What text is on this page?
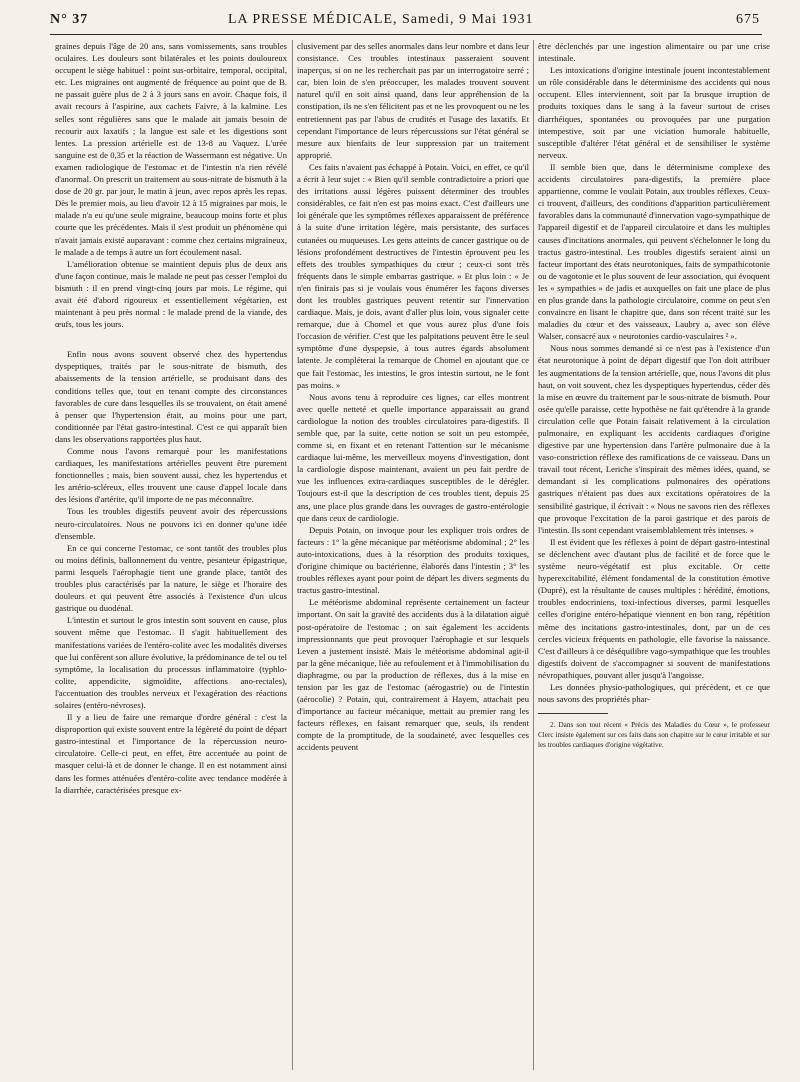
N° 37	LA PRESSE MÉDICALE, Samedi, 9 Mai 1931	675

graines depuis l'âge de 20 ans, sans vomissements, sans troubles oculaires. Les douleurs sont bilatérales et les points douloureux occupent le siège habituel : point sus-orbitaire, temporal, occipital, etc. Les migraines ont augmenté de fréquence au point que de B. ne passait guère plus de 2 à 3 jours sans en avoir. Chaque fois, il avait recours à l'aspirine, aux cachets Faivre, à la kalmine. Les selles sont régulières sans que le malade ait jamais besoin de recourir aux laxatifs ; la langue est sale et les digestions sont lentes. La pression artérielle est de 13-8 au Vaquez. L'urée sanguine est de 0,35 et la réaction de Wassermann est négative. Un examen radiologique de l'estomac et de l'intestin n'a rien révélé d'anormal. On prescrit un traitement au sous-nitrate de bismuth à la dose de 20 gr. par jour, le matin à jeun, avec repos après les repas. Dès le premier mois, au lieu d'avoir 12 à 15 migraines par mois, le malade n'a eu qu'une seule migraine, beaucoup moins forte et plus courte que les précédentes. Mais il s'est produit un phénomène qui n'avait jamais existé auparavant : comme chez certains migraineux, le malade a de temps à autre un fort écoulement nasal.

L'amélioration obtenue se maintient depuis plus de deux ans d'une façon continue, mais le malade ne peut pas cesser l'emploi du bismuth : il en prend vingt-cinq jours par mois. Le régime, qui avait été d'abord rigoureux et essentiellement végétarien, est maintenant à peu près normal : le malade prend de la viande, des œufs, tous les jours.

Enfin nous avons souvent observé chez des hypertendus dyspeptiques, traités par le sous-nitrate de bismuth, des abaissements de la tension artérielle, se produisant dans des conditions telles que, tout en tenant compte des circonstances favorables de cure dans lesquelles ils se trouvaient, on était amené à penser que l'hypertension était, au moins pour une part, conditionnée par l'état gastro-intestinal. C'est ce qui apparaît bien dans les observations rapportées plus haut.

Comme nous l'avons remarqué pour les manifestations cardiaques, les manifestations artérielles peuvent être purement fonctionnelles ; mais, bien souvent aussi, chez les hypertendus et les artério-scléreux, elles trouvent une cause d'appel locale dans des lésions d'artérite, qu'il importe de ne pas méconnaître.

Tous les troubles digestifs peuvent avoir des répercussions neuro-circulatoires. Nous ne pouvons ici en donner qu'une idée d'ensemble.

En ce qui concerne l'estomac, ce sont tantôt des troubles plus ou moins définis, ballonnement du ventre, pesanteur épigastrique, parmi lesquels l'aérophagie tient une grande place, tantôt des troubles plus caractérisés par la nature, le siège et l'horaire des douleurs et qui peuvent être associés à l'existence d'un ulcus gastrique ou duodénal.

L'intestin et surtout le gros intestin sont souvent en cause, plus souvent même que l'estomac. Il s'agit habituellement des manifestations variées de l'entéro-colite avec les modalités diverses que lui confèrent son allure évolutive, la prédominance de tel ou tel symptôme, la localisation du processus inflammatoire (typhlo-colite, appendicite, sigmoïdite, affections ano-rectales), l'accentuation des troubles nerveux et l'exagération des réactions solaires (entéro-névroses).

Il y a lieu de faire une remarque d'ordre général : c'est la disproportion qui existe souvent entre la légèreté du point de départ gastro-intestinal et l'importance de la répercussion neuro-circulatoire. Celle-ci peut, en effet, être accentuée au point de masquer celui-là et de donner le change. Il en est notamment ainsi dans les formes atténuées d'entéro-colite avec tendance modérée à la diarrhée, caractérisées presque ex-

clusivement par des selles anormales dans leur nombre et dans leur consistance. Ces troubles intestinaux passeraient souvent inaperçus, si on ne les recherchait pas par un interrogatoire serré ; car, bien loin de s'en préoccuper, les malades trouvent souvent naturel qu'il en soit ainsi quand, dans leur appréhension de la constipation, ils ne s'en félicitent pas et ne les provoquent ou ne les entretiennent pas par l'abus de crudités et l'usage des laxatifs. Et cependant l'importance de leurs répercussions sur l'état général se mesure aux bienfaits de leur suppression par un traitement approprié.

Ces faits n'avaient pas échappé à Potain. Voici, en effet, ce qu'il a écrit à leur sujet : « Bien qu'il semble contradictoire a priori que des irritations aussi légères puissent déterminer des troubles considérables, ce fait n'en est pas moins exact. C'est d'ailleurs une loi générale que les symptômes réflexes apparaissent de préférence à la suite d'une irritation légère, mais persistante, des surfaces cutanées ou muqueuses. Les gens atteints de cancer gastrique ou de lésions profondément destructives de l'intestin éprouvent peu les effets des troubles sympathiques du cœur ; ceux-ci sont très fréquents dans le simple embarras gastrique. » Et plus loin : « Je n'en finirais pas si je voulais vous énumérer les façons diverses dont les troubles gastriques peuvent retentir sur l'innervation cardiaque. Mais, je dois, avant d'aller plus loin, vous signaler cette remarque, due à Chomel et que vous aurez plus d'une fois l'occasion de vérifier. C'est que les palpitations peuvent être le seul symptôme d'une dyspepsie, à tous autres égards absolument latente. Je compléterai la remarque de Chomel en ajoutant que ce que fait l'estomac, les intestins, le gros intestin surtout, ne le font pas moins. »

Nous avons tenu à reproduire ces lignes, car elles montrent avec quelle netteté et quelle importance apparaissait au grand cardiologue la notion des troubles circulatoires para-digestifs. Il semble que, par la suite, cette notion se soit un peu estompée, comme si, en fixant et en retenant l'attention sur le mécanisme cardiaque lui-même, les merveilleux moyens d'investigation, dont la cardiologie dispose maintenant, avaient un peu fait perdre de vue les influences extra-cardiaques susceptibles de le dérégler. Toujours est-il que la description de ces troubles tient, depuis 25 ans, une place plus grande dans les ouvrages de gastro-entérologie que dans ceux de cardiologie.

Depuis Potain, on invoque pour les expliquer trois ordres de facteurs : 1° la gêne mécanique par météorisme abdominal ; 2° les auto-intoxications, dues à la résorption des produits toxiques, d'origine chimique ou bactérienne, élaborés dans l'intestin ; 3° les troubles réflexes ayant pour point de départ les divers segments du tractus gastro-intestinal.

Le météorisme abdominal représente certainement un facteur important. On sait la gravité des accidents dus à la dilatation aiguë post-opératoire de l'estomac ; on sait également les accidents impressionnants que peut provoquer l'aérophagie et sur lesquels Leven a justement insisté. Mais le météorisme abdominal agit-il par la gêne mécanique, liée au refoulement et à l'immobilisation du diaphragme, ou par la production de réflexes, dus à la mise en tension par les gaz de l'estomac (aérogastrie) ou de l'intestin (aérocolie) ? Potain, qui, contrairement à Hayem, attachait peu d'importance au facteur mécanique, mettait au premier rang les facteurs réflexes, en faisant remarquer que, seuls, ils rendent compte de la promptitude, de la soudaineté, avec lesquelles ces accidents peuvent

être déclenchés par une ingestion alimentaire ou par une crise intestinale.

Les intoxications d'origine intestinale jouent incontestablement un rôle considérable dans le déterminisme des accidents qui nous occupent. Elles interviennent, soit par la brusque irruption de produits toxiques dans le sang à la faveur surtout de crises diarrhéiques, spontanées ou provoquées par une purgation intempestive, soit par une viciation humorale habituelle, susceptible d'altérer l'état général et de sensibiliser le système nerveux.

Il semble bien que, dans le déterminisme complexe des accidents circulatoires para-digestifs, la première place appartienne, comme le voulait Potain, aux troubles réflexes. Ceux-ci trouvent, d'ailleurs, des conditions d'apparition particulièrement favorables dans la communauté d'innervation vago-sympathique de l'appareil digestif et de l'appareil circulatoire et dans les multiples causes d'incitations anormales, qui peuvent s'échelonner le long du tractus gastro-intestinal. Les troubles digestifs seraient ainsi un facteur important des états neurotoniques, faits de sympathicotonie ou de vagotonie et le plus souvent de leur association, qui évoquent les « sympathies » de jadis et auxquelles on fait une place de plus en plus grande dans la pathologie circulatoire, comme on peut s'en convaincre en lisant le chapitre que, dans son récent traité sur les maladies du cœur et des vaisseaux, Laubry a, avec son élève Walser, consacré aux « neurotonies cardio-vasculaires ² ».

Nous nous sommes demandé si ce n'est pas à l'existence d'un état neurotonique à point de départ digestif que l'on doit attribuer les augmentations de la tension artérielle, que, nous l'avons dit plus haut, on voit souvent, chez les dyspeptiques hypertendus, céder dès la mise en œuvre du traitement par le sous-nitrate de bismuth. Pour osée qu'elle paraisse, cette hypothèse ne fait qu'étendre à la grande circulation celle que Potain faisait relativement à la circulation pulmonaire, en expliquant les accidents cardiaques d'origine digestive par une hypertension dans l'artère pulmonaire due à la vaso-constriction réflexe des ramifications de ce vaisseau. Dans un travail tout récent, Leriche s'inspirait des mêmes idées, quand, se demandant si les complications pulmonaires des opérations gastriques n'étaient pas dues aux excitations opératoires de la sensibilité gastrique, il écrivait : « Nous ne savons rien des réflexes que provoque l'excitation de la paroi gastrique et des parois de l'intestin. Ils sont cependant vraisemblablement très intenses. »

Il est évident que les réflexes à point de départ gastro-intestinal se déclenchent avec d'autant plus de facilité et de force que le système neuro-végétatif est plus excitable. Or cette hyperexcitabilité, élément fondamental de la constitution émotive (Dupré), est la résultante de causes multiples : hérédité, émotions, troubles endocriniens, toxi-infectious diverses, parmi lesquelles celles d'origine entéro-hépatique viennent en bon rang, répétition même des incitations gastro-intestinales, dont, par un de ces cercles vicieux fréquents en pathologie, elle favorise la naissance. C'est d'ailleurs à ce déséquilibre vago-sympathique que les troubles digestifs doivent de s'accompagner si souvent de manifestations névropathiques, pouvant aller jusqu'à l'angoisse.

Les données physio-pathologiques, qui précèdent, et ce que nous savons des propriétés phar-

2. Dans son tout récent « Précis des Maladies du Cœur », le professeur Clerc insiste également sur ces faits dans son chapitre sur le cœur irritable et sur les troubles cardiaques d'origine végétative.
